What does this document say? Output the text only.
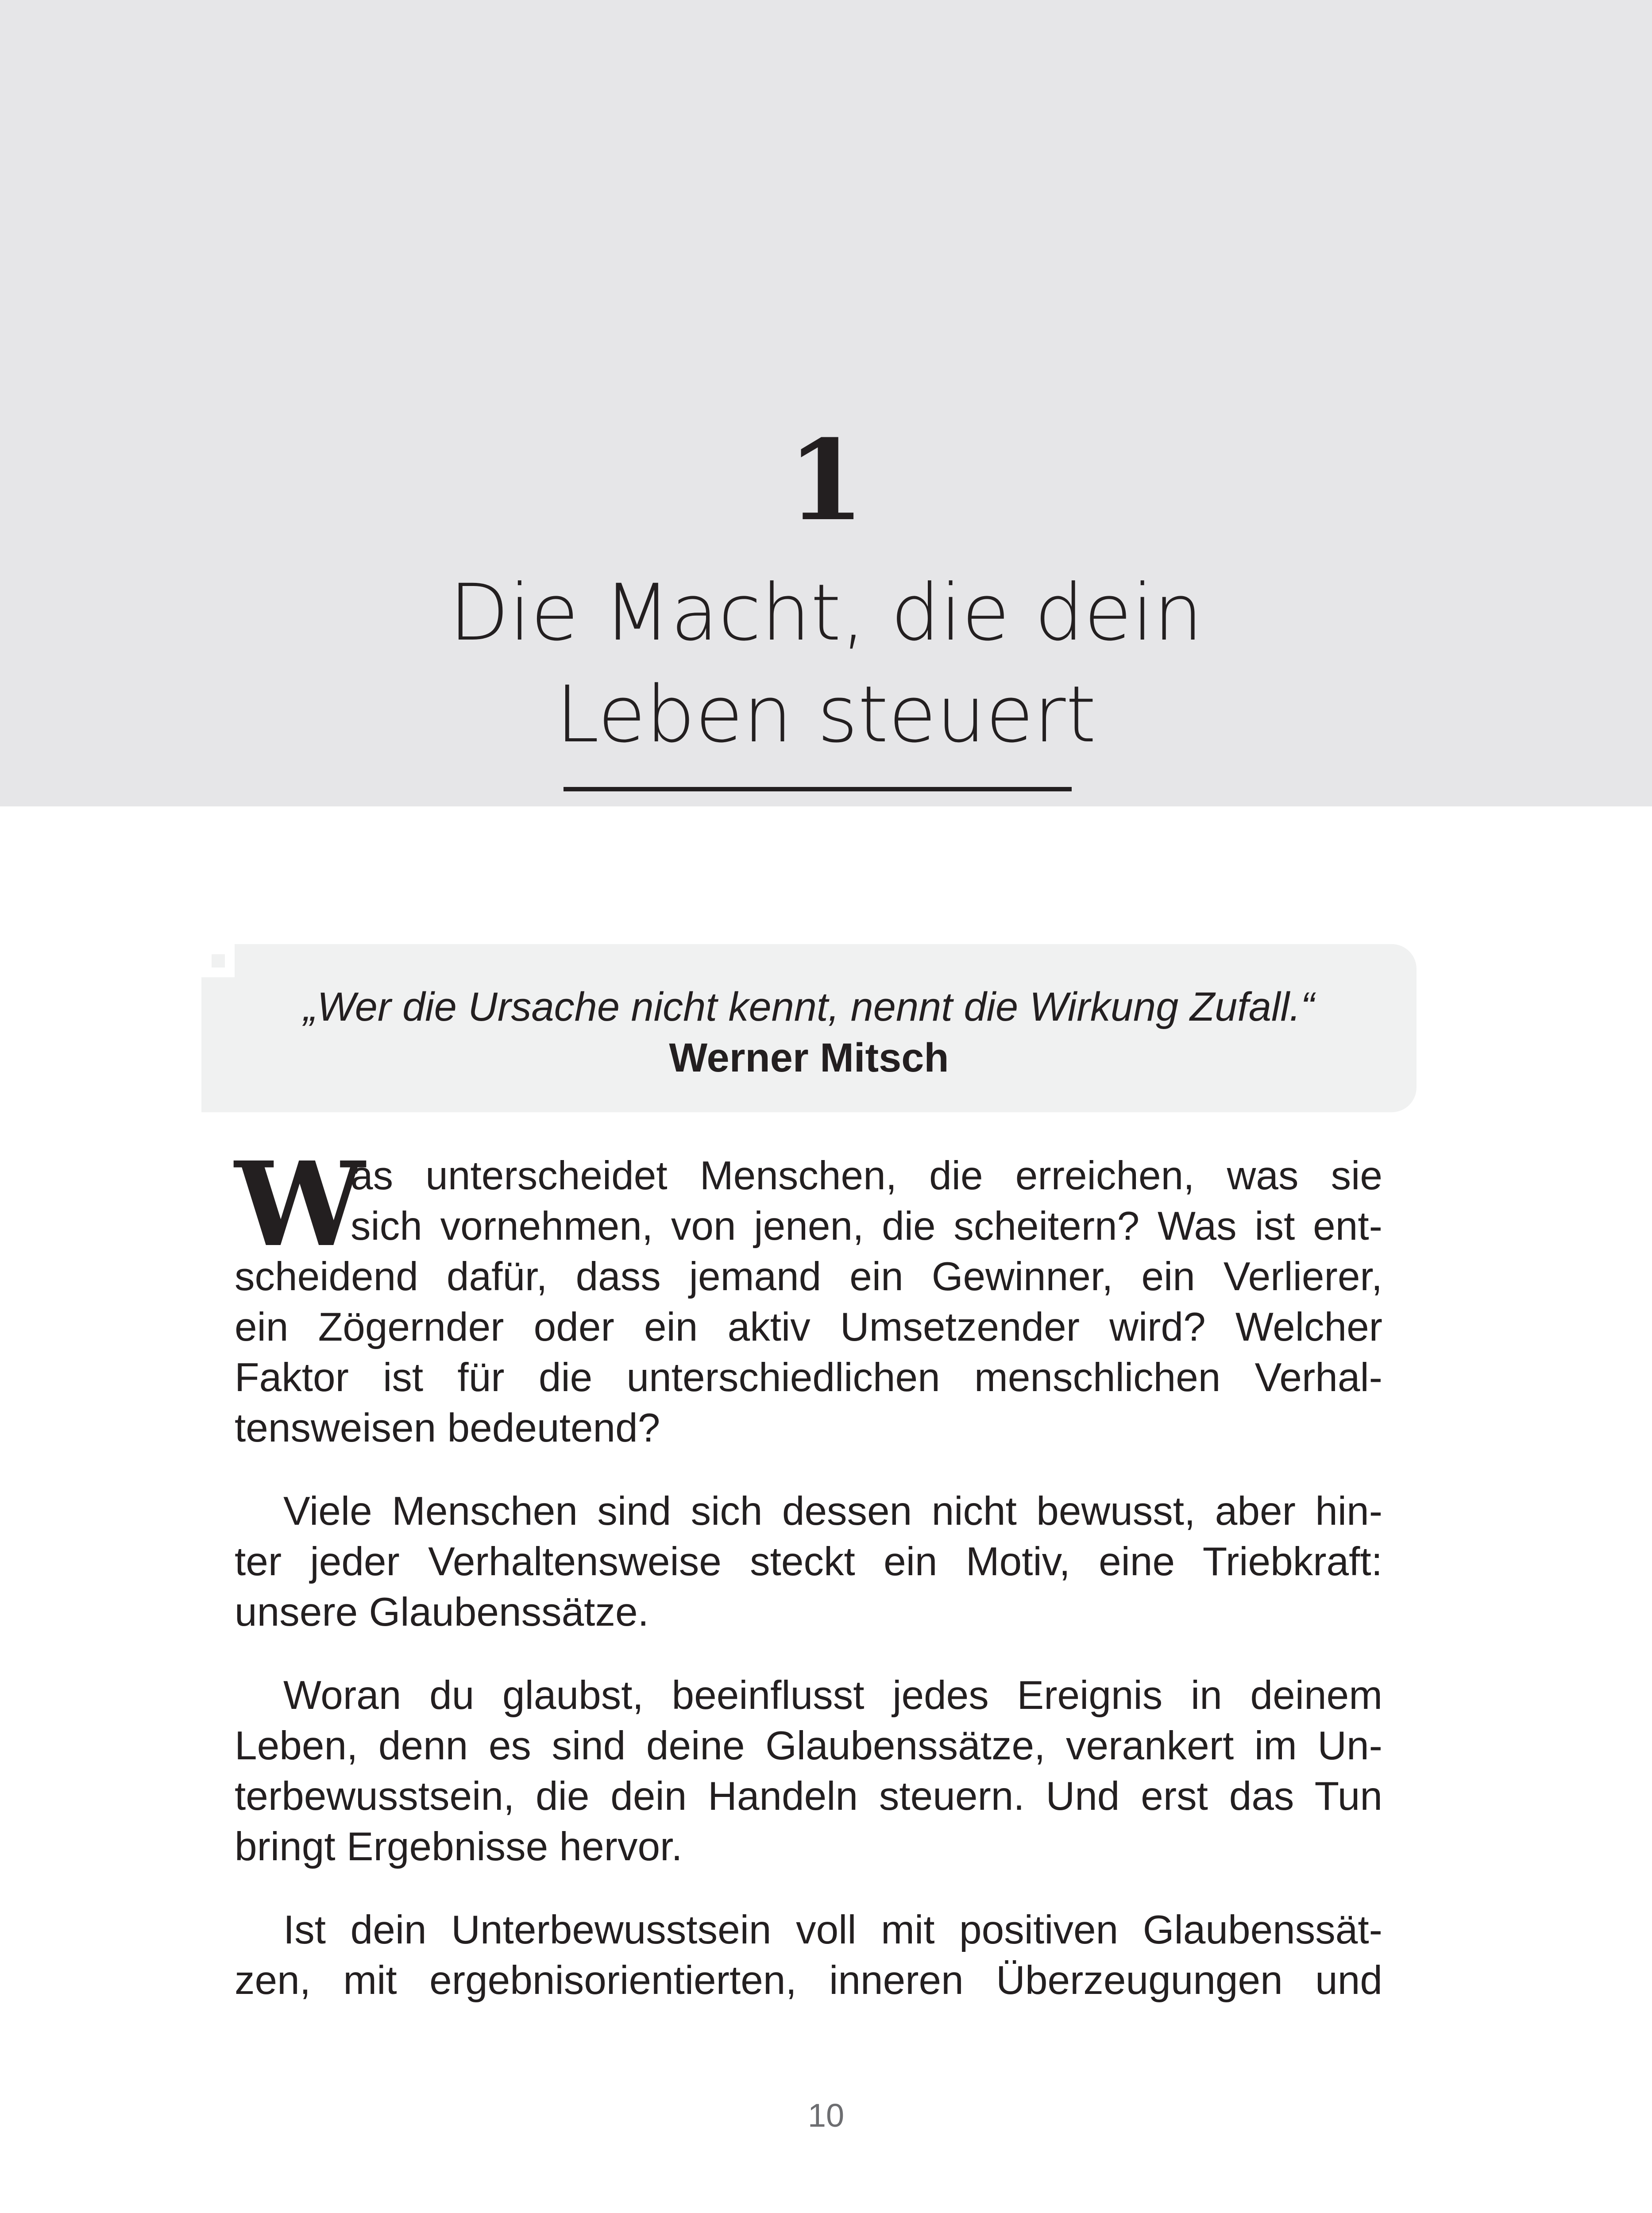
1
Die Macht, die dein
Leben steuert
„Wer die Ursache nicht kennt, nennt die Wirkung Zufall.“
Werner Mitsch
W
as unterscheidet Menschen, die erreichen, was sie
sich vornehmen, von jenen, die scheitern? Was ist ent-
scheidend dafür, dass jemand ein Gewinner, ein Verlierer,
ein Zögernder oder ein aktiv Umsetzender wird? Welcher
Faktor ist für die unterschiedlichen menschlichen Verhal-
tensweisen bedeutend?
Viele Menschen sind sich dessen nicht bewusst, aber hin-
ter jeder Verhaltensweise steckt ein Motiv, eine Triebkraft:
unsere Glaubenssätze.
Woran du glaubst, beeinflusst jedes Ereignis in deinem
Leben, denn es sind deine Glaubenssätze, verankert im Un-
terbewusstsein, die dein Handeln steuern. Und erst das Tun
bringt Ergebnisse hervor.
Ist dein Unterbewusstsein voll mit positiven Glaubenssät-
zen, mit ergebnisorientierten, inneren Überzeugungen und
10
